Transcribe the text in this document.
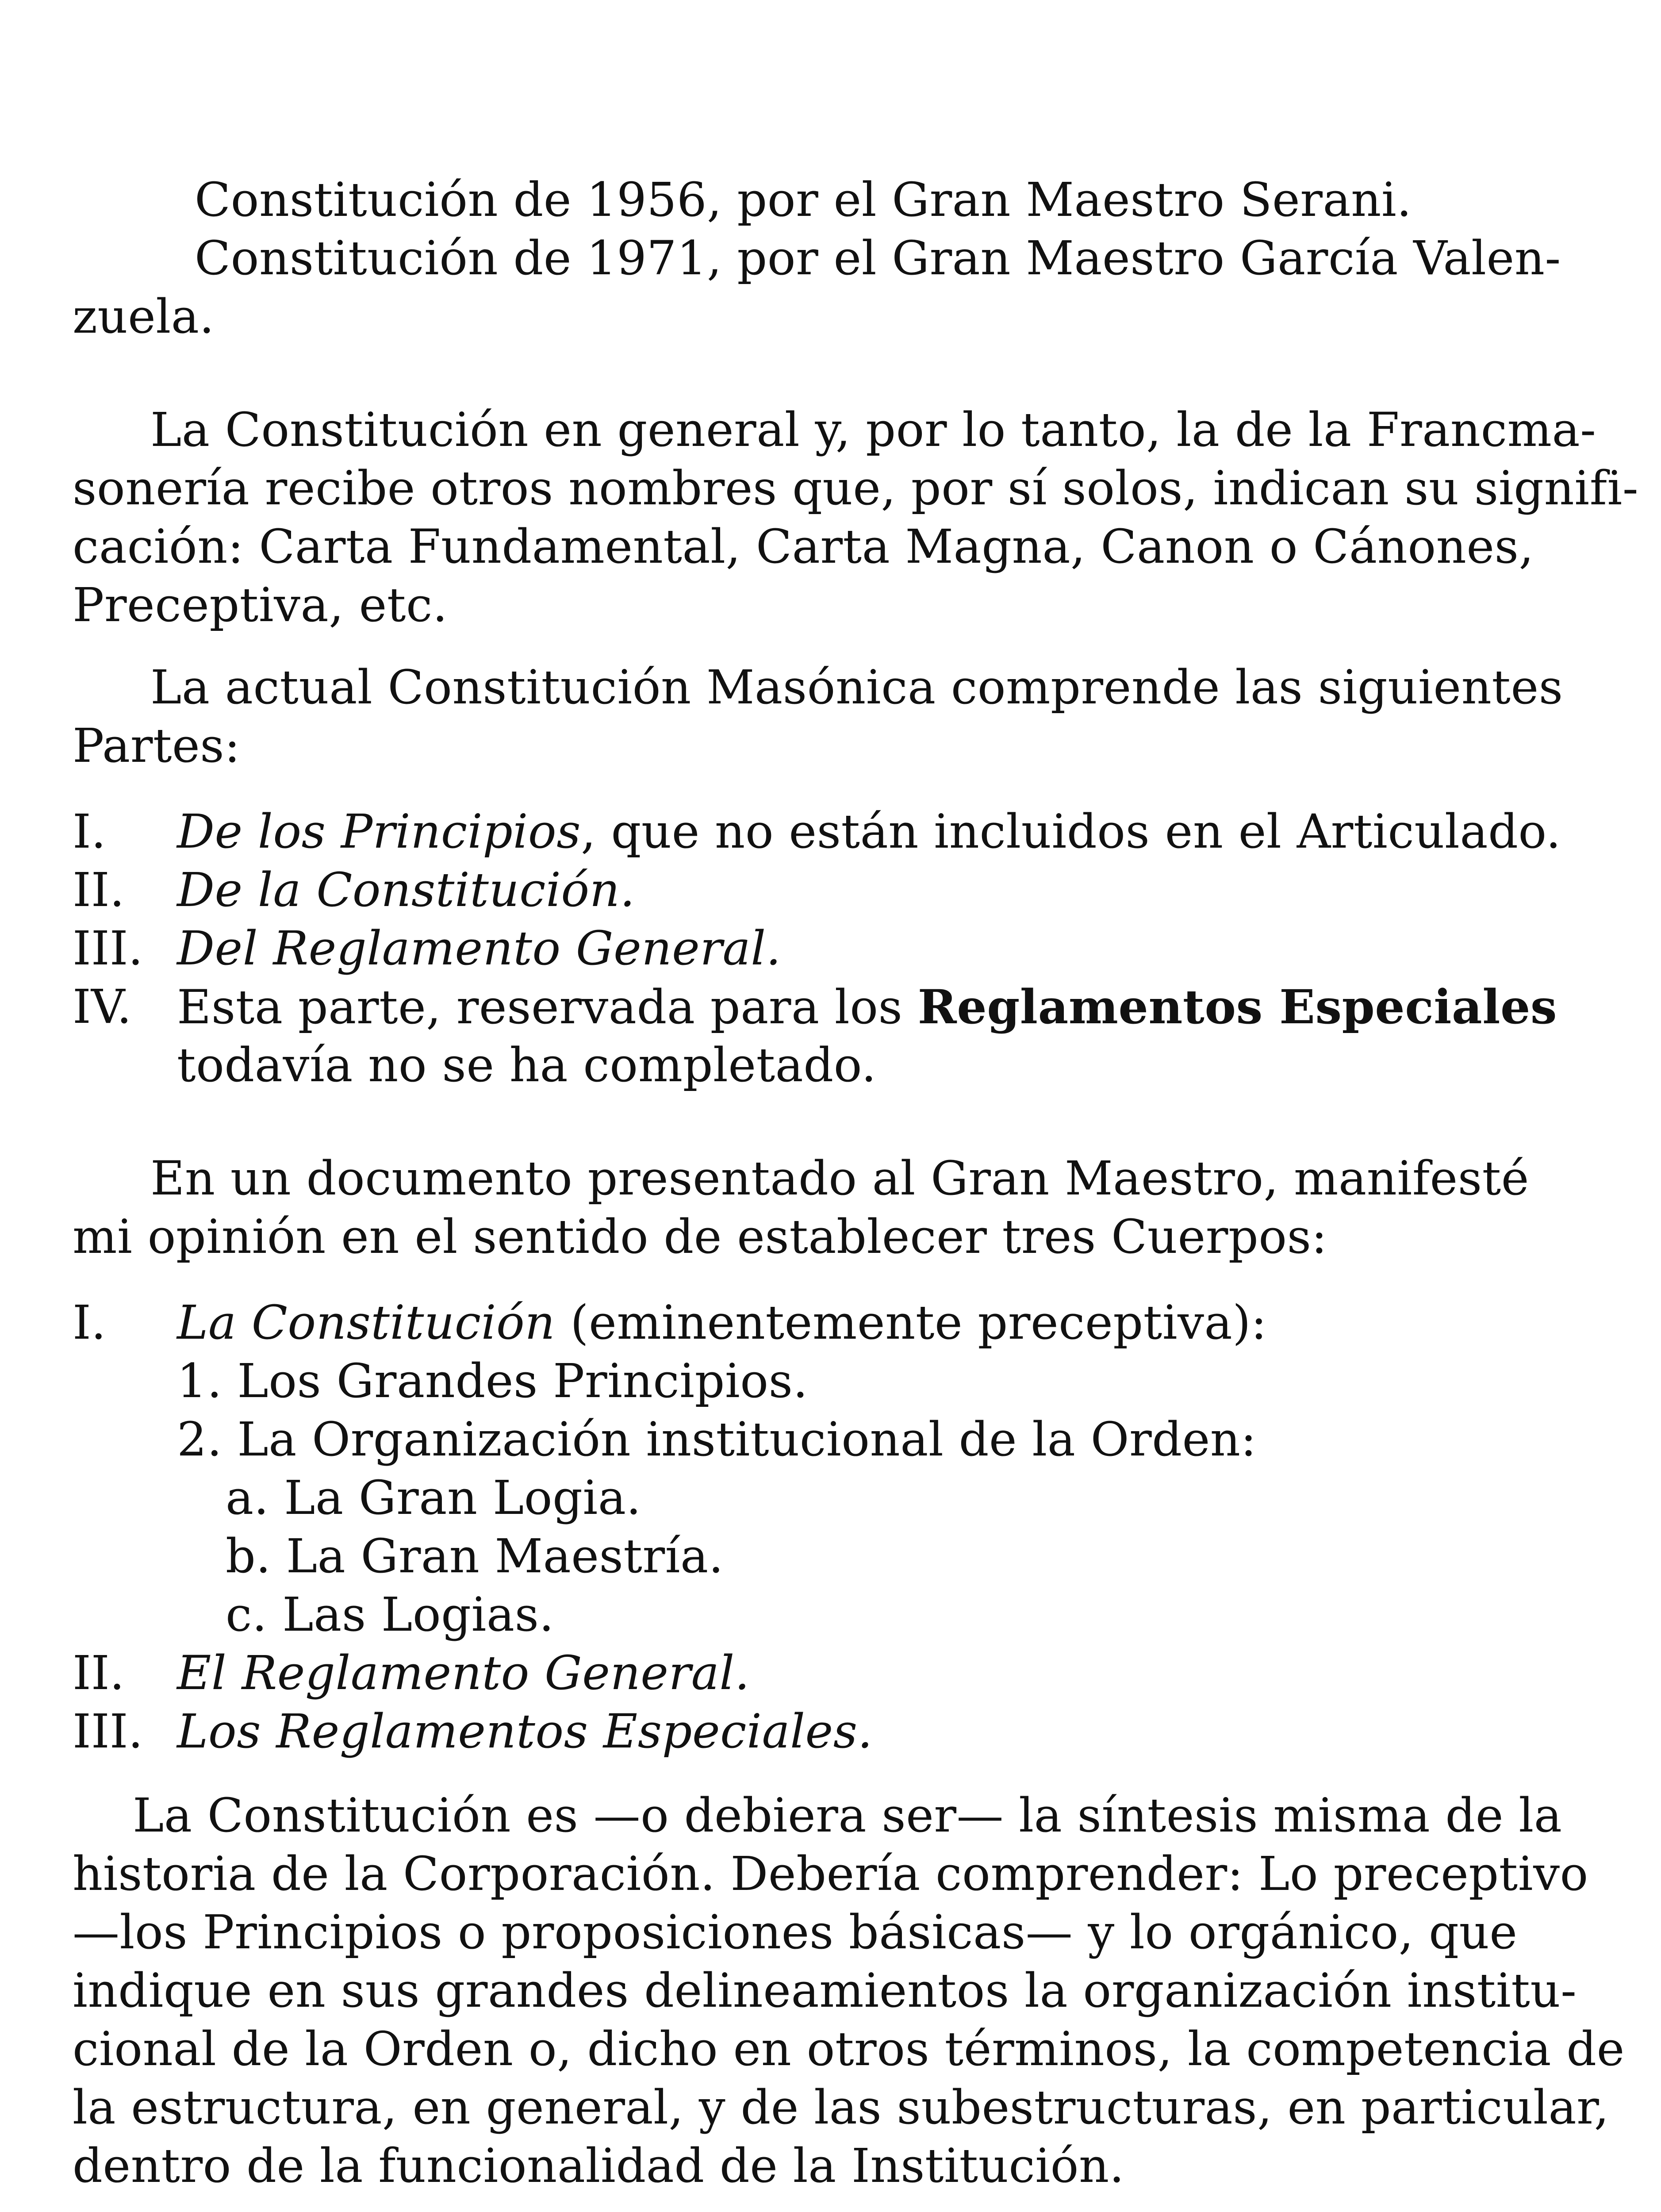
Constitución de 1956, por el Gran Maestro Serani.
Constitución de 1971, por el Gran Maestro García Valen-
zuela.
La Constitución en general y, por lo tanto, la de la Francma-
sonería recibe otros nombres que, por sí solos, indican su signifi-
cación: Carta Fundamental, Carta Magna, Canon o Cánones,
Preceptiva, etc.
La actual Constitución Masónica comprende las siguientes
Partes:
I. De los Principios, que no están incluidos en el Articulado.
II. De la Constitución.
III. Del Reglamento General.
IV. Esta parte, reservada para los Reglamentos Especiales
todavía no se ha completado.
En un documento presentado al Gran Maestro, manifesté
mi opinión en el sentido de establecer tres Cuerpos:
I. La Constitución (eminentemente preceptiva):
1. Los Grandes Principios.
2. La Organización institucional de la Orden:
a. La Gran Logia.
b. La Gran Maestría.
c. Las Logias.
II. El Reglamento General.
III. Los Reglamentos Especiales.
La Constitución es —o debiera ser— la síntesis misma de la
historia de la Corporación. Debería comprender: Lo preceptivo
—los Principios o proposiciones básicas— y lo orgánico, que
indique en sus grandes delineamientos la organización institu-
cional de la Orden o, dicho en otros términos, la competencia de
la estructura, en general, y de las subestructuras, en particular,
dentro de la funcionalidad de la Institución.
